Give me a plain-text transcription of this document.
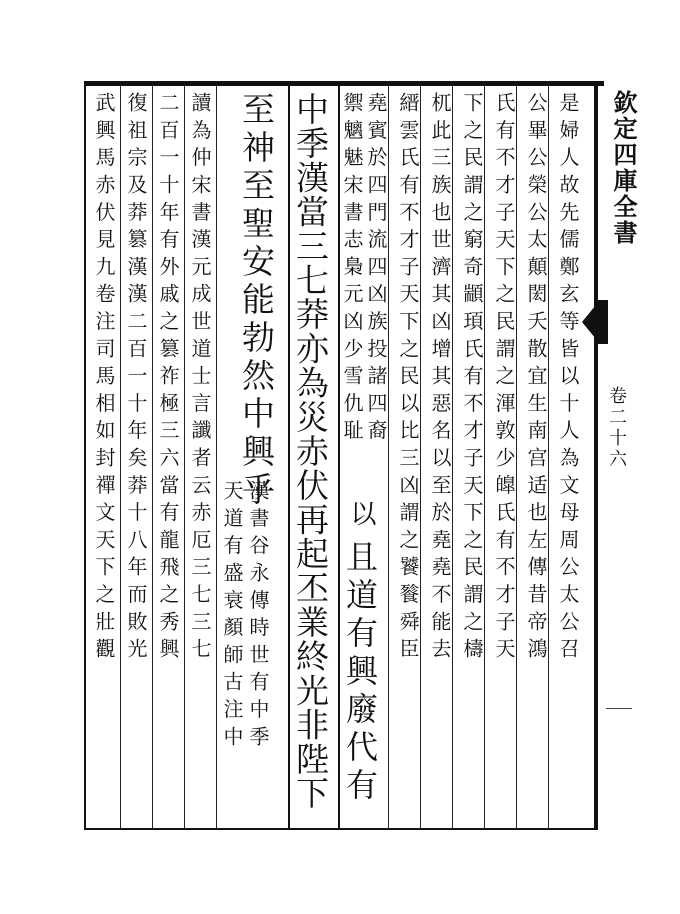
欽定四庫全書
卷二十六
是婦人故先儒鄭玄等皆以十人為文母周公太公召
公畢公榮公太顛閎夭散宜生南宫适也左傳昔帝鴻
氏有不才子天下之民謂之渾敦少皥氏有不才子天
下之民謂之窮奇顓頊氏有不才子天下之民謂之檮
杌此三族也世濟其凶增其惡名以至於堯堯不能去
縉雲氏有不才子天下之民以比三凶謂之饕餮舜臣
堯賓於四門流四凶族投諸四裔
禦魑魅宋書志梟元凶少雪仇耻
以
且道有興廢代有
中季漢當三七莽亦為災赤伏再起丕業終光非陛下
至神至聖安能勃然中興乎
漢書谷永傳時世有中季
天道有盛衰顏師古注中
讀為仲宋書漢元成世道士言讖者云赤厄三七三七
二百一十年有外戚之篡祚極三六當有龍飛之秀興
復祖宗及莽篡漢漢二百一十年矣莽十八年而敗光
武興馬赤伏見九卷注司馬相如封禪文天下之壯觀
